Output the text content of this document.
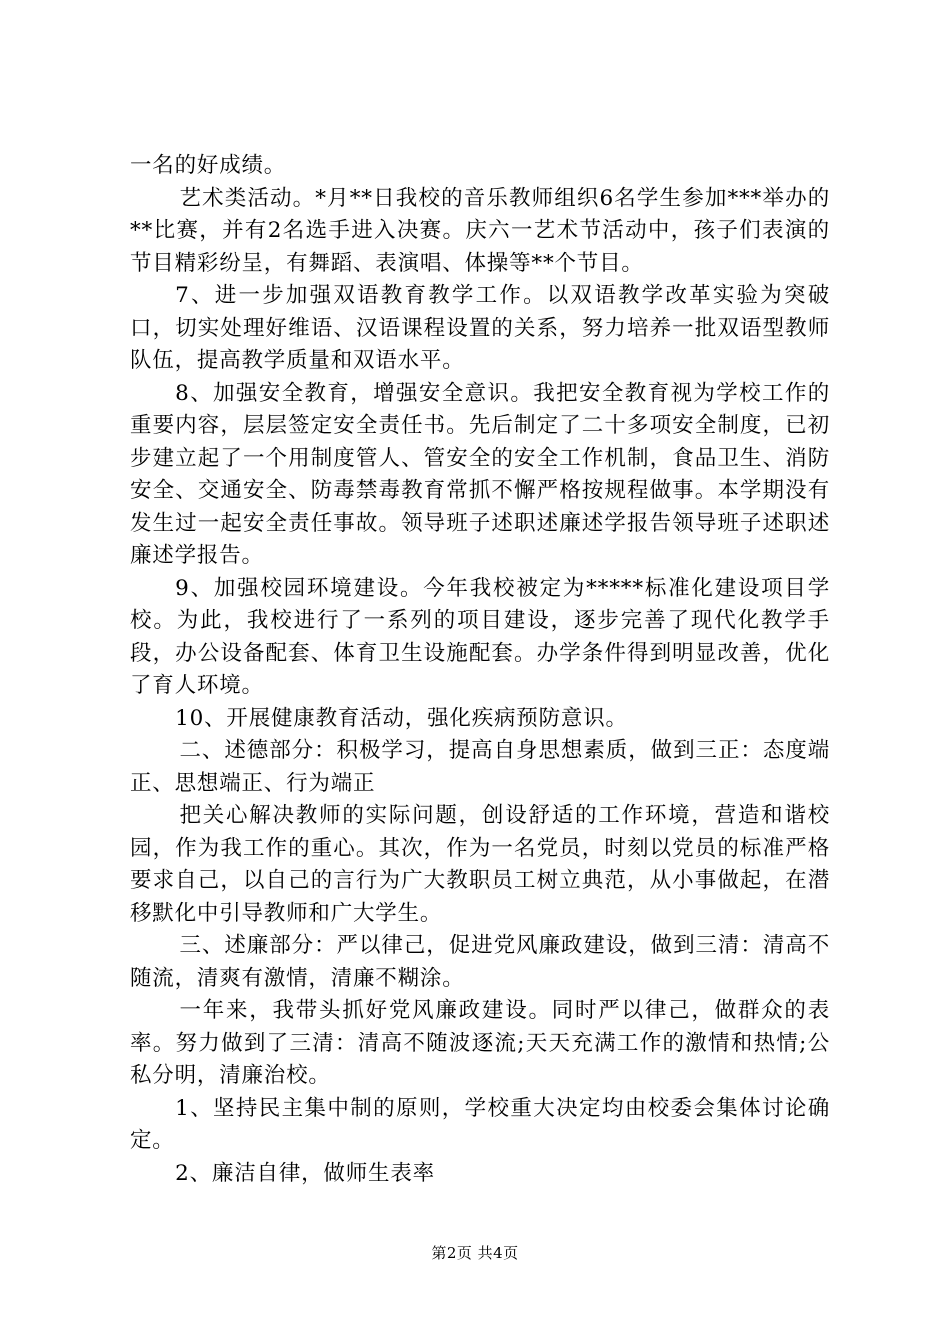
一名的好成绩。

艺术类活动。*月**日我校的音乐教师组织6名学生参加***举办的**比赛，并有2名选手进入决赛。庆六一艺术节活动中，孩子们表演的节目精彩纷呈，有舞蹈、表演唱、体操等**个节目。

7、进一步加强双语教育教学工作。以双语教学改革实验为突破口，切实处理好维语、汉语课程设置的关系，努力培养一批双语型教师队伍，提高教学质量和双语水平。

8、加强安全教育，增强安全意识。我把安全教育视为学校工作的重要内容，层层签定安全责任书。先后制定了二十多项安全制度，已初步建立起了一个用制度管人、管安全的安全工作机制，食品卫生、消防安全、交通安全、防毒禁毒教育常抓不懈严格按规程做事。本学期没有发生过一起安全责任事故。领导班子述职述廉述学报告领导班子述职述廉述学报告。

9、加强校园环境建设。今年我校被定为*****标准化建设项目学校。为此，我校进行了一系列的项目建设，逐步完善了现代化教学手段，办公设备配套、体育卫生设施配套。办学条件得到明显改善，优化了育人环境。

10、开展健康教育活动，强化疾病预防意识。

二、述德部分：积极学习，提高自身思想素质，做到三正：态度端正、思想端正、行为端正

把关心解决教师的实际问题，创设舒适的工作环境，营造和谐校园，作为我工作的重心。其次，作为一名党员，时刻以党员的标准严格要求自己，以自己的言行为广大教职员工树立典范，从小事做起，在潜移默化中引导教师和广大学生。

三、述廉部分：严以律己，促进党风廉政建设，做到三清：清高不随流，清爽有激情，清廉不糊涂。

一年来，我带头抓好党风廉政建设。同时严以律己，做群众的表率。努力做到了三清：清高不随波逐流;天天充满工作的激情和热情;公私分明，清廉治校。

1、坚持民主集中制的原则，学校重大决定均由校委会集体讨论确定。

2、廉洁自律，做师生表率

第2页 共4页
